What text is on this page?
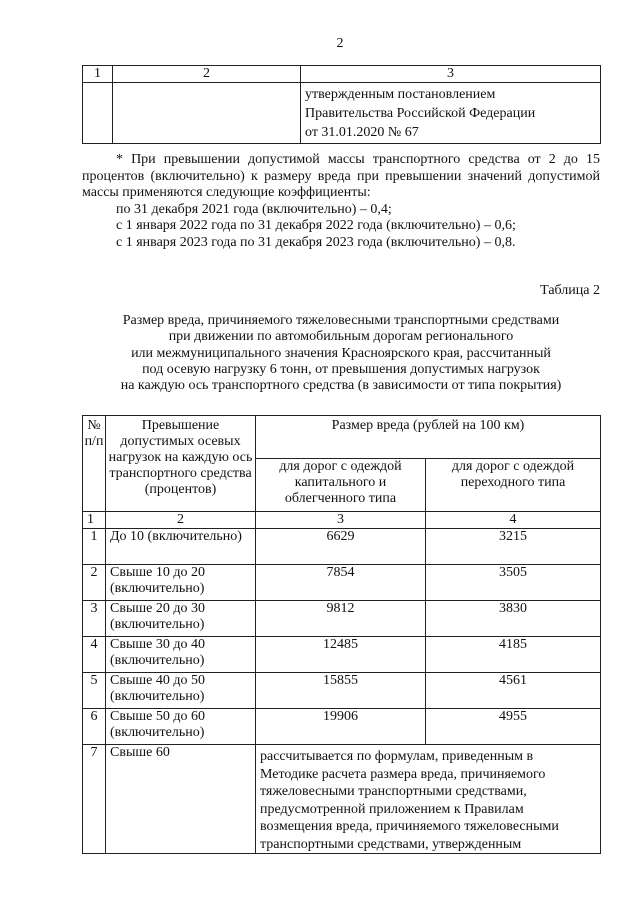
2
1	2	3

		утвержденным постановлением
Правительства Российской Федерации
от 31.01.2020 № 67

* При превышении допустимой массы транспортного средства от 2 до 15 процентов (включительно) к размеру вреда при превышении значений допустимой массы применяются следующие коэффициенты:

по 31 декабря 2021 года (включительно) – 0,4;

с 1 января 2022 года по 31 декабря 2022 года (включительно) – 0,6;

с 1 января 2023 года по 31 декабря 2023 года (включительно) – 0,8.

Таблица 2
Размер вреда, причиняемого тяжеловесными транспортными средствами
при движении по автомобильным дорогам регионального
или межмуниципального значения Красноярского края, рассчитанный
под осевую нагрузку 6 тонн, от превышения допустимых нагрузок
на каждую ось транспортного средства (в зависимости от типа покрытия)
№ п/п	Превышение допустимых осевых нагрузок на каждую ось транспортного средства (процентов)	Размер вреда (рублей на 100 км)	
		для дорог с одеждой капитального и облегченного типа	для дорог с одеждой переходного типа
1	2	3	4
1	До 10 (включительно)	6629	3215
2	Свыше 10 до 20 (включительно)	7854	3505
3	Свыше 20 до 30 (включительно)	9812	3830
4	Свыше 30 до 40 (включительно)	12485	4185
5	Свыше 40 до 50 (включительно)	15855	4561
6	Свыше 50 до 60 (включительно)	19906	4955
7	Свыше 60	рассчитывается по формулам, приведенным в Методике расчета размера вреда, причиняемого тяжеловесными транспортными средствами, предусмотренной приложением к Правилам возмещения вреда, причиняемого тяжеловесными транспортными средствами, утвержденным	
